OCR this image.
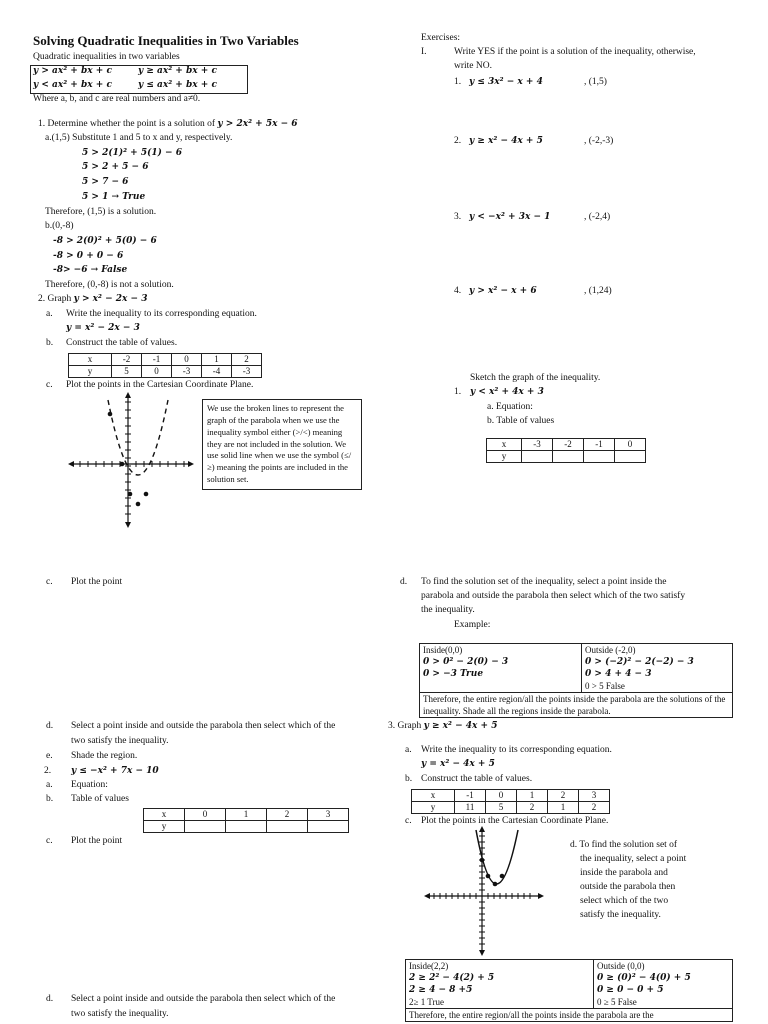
Solving Quadratic Inequalities in Two Variables
Quadratic inequalities in two variables
y > ax² + bx + c	y ≥ ax² + bx + c
y < ax² + bx + c	y ≤ ax² + bx + c
Where a, b, and c are real numbers and a≠0.
1. Determine whether the point is a solution of y > 2x² + 5x − 6
a.(1,5) Substitute 1 and 5 to x and y, respectively.
5 > 2(1)² + 5(1) − 6
5 > 2 + 5 − 6
5 > 7 − 6
5 > 1 → True
Therefore, (1,5) is a solution.
b.(0,-8)
-8 > 2(0)² + 5(0) − 6
-8 > 0 + 0 − 6
-8> −6 → False
Therefore, (0,-8) is not a solution.
2. Graph y > x² − 2x − 3
a. Write the inequality to its corresponding equation.
y = x² − 2x − 3
b. Construct the table of values.
x	-2	-1	0	1	2
y	5	0	-3	-4	-3
c. Plot the points in the Cartesian Coordinate Plane.
We use the broken lines to represent the graph of the parabola when we use the inequality symbol either (>/<) meaning they are not included in the solution. We use solid line when we use the symbol (≤/≥) meaning the points are included in the solution set.
c. Plot the point
d. Select a point inside and outside the parabola then select which of the
two satisfy the inequality.
e. Shade the region.
2. y ≤ −x² + 7x − 10
a. Equation:
b. Table of values
x	0	1	2	3
y				
c. Plot the point
d. Select a point inside and outside the parabola then select which of the
two satisfy the inequality.
Exercises:
I.	Write YES if the point is a solution of the inequality, otherwise,
write NO.
1. y ≤ 3x² − x + 4	, (1,5)
2. y ≥ x² − 4x + 5	, (-2,-3)
3. y < −x² + 3x − 1	, (-2,4)
4. y > x² − x + 6	, (1,24)
Sketch the graph of the inequality.
1. y < x² + 4x + 3
a. Equation:
b. Table of values
x	-3	-2	-1	0
y				
d. To find the solution set of the inequality, select a point inside the
parabola and outside the parabola then select which of the two satisfy
the inequality.
Example:
Inside(0,0)
0 > 0² − 2(0) − 3
0 > −3 True

Outside (-2,0)
0 > (−2)² − 2(−2) − 3
0 > 4 + 4 − 3
0 > 5 False

Therefore, the entire region/all the points inside the parabola are the solutions of the inequality. Shade all the regions inside the parabola.
3. Graph y ≥ x² − 4x + 5
a. Write the inequality to its corresponding equation.
y = x² − 4x + 5
b. Construct the table of values.
x	-1	0	1	2	3
y	11	5	2	1	2
c. Plot the points in the Cartesian Coordinate Plane.
d. To find the solution set of
the inequality, select a point
inside the parabola and
outside the parabola then
select which of the two
satisfy the inequality.
Inside(2,2)
2 ≥ 2² − 4(2) + 5
2 ≥ 4 − 8 +5
2≥ 1 True

Outside (0,0)
0 ≥ (0)² − 4(0) + 5
0 ≥ 0 − 0 + 5
0 ≥ 5 False

Therefore, the entire region/all the points inside the parabola are the
